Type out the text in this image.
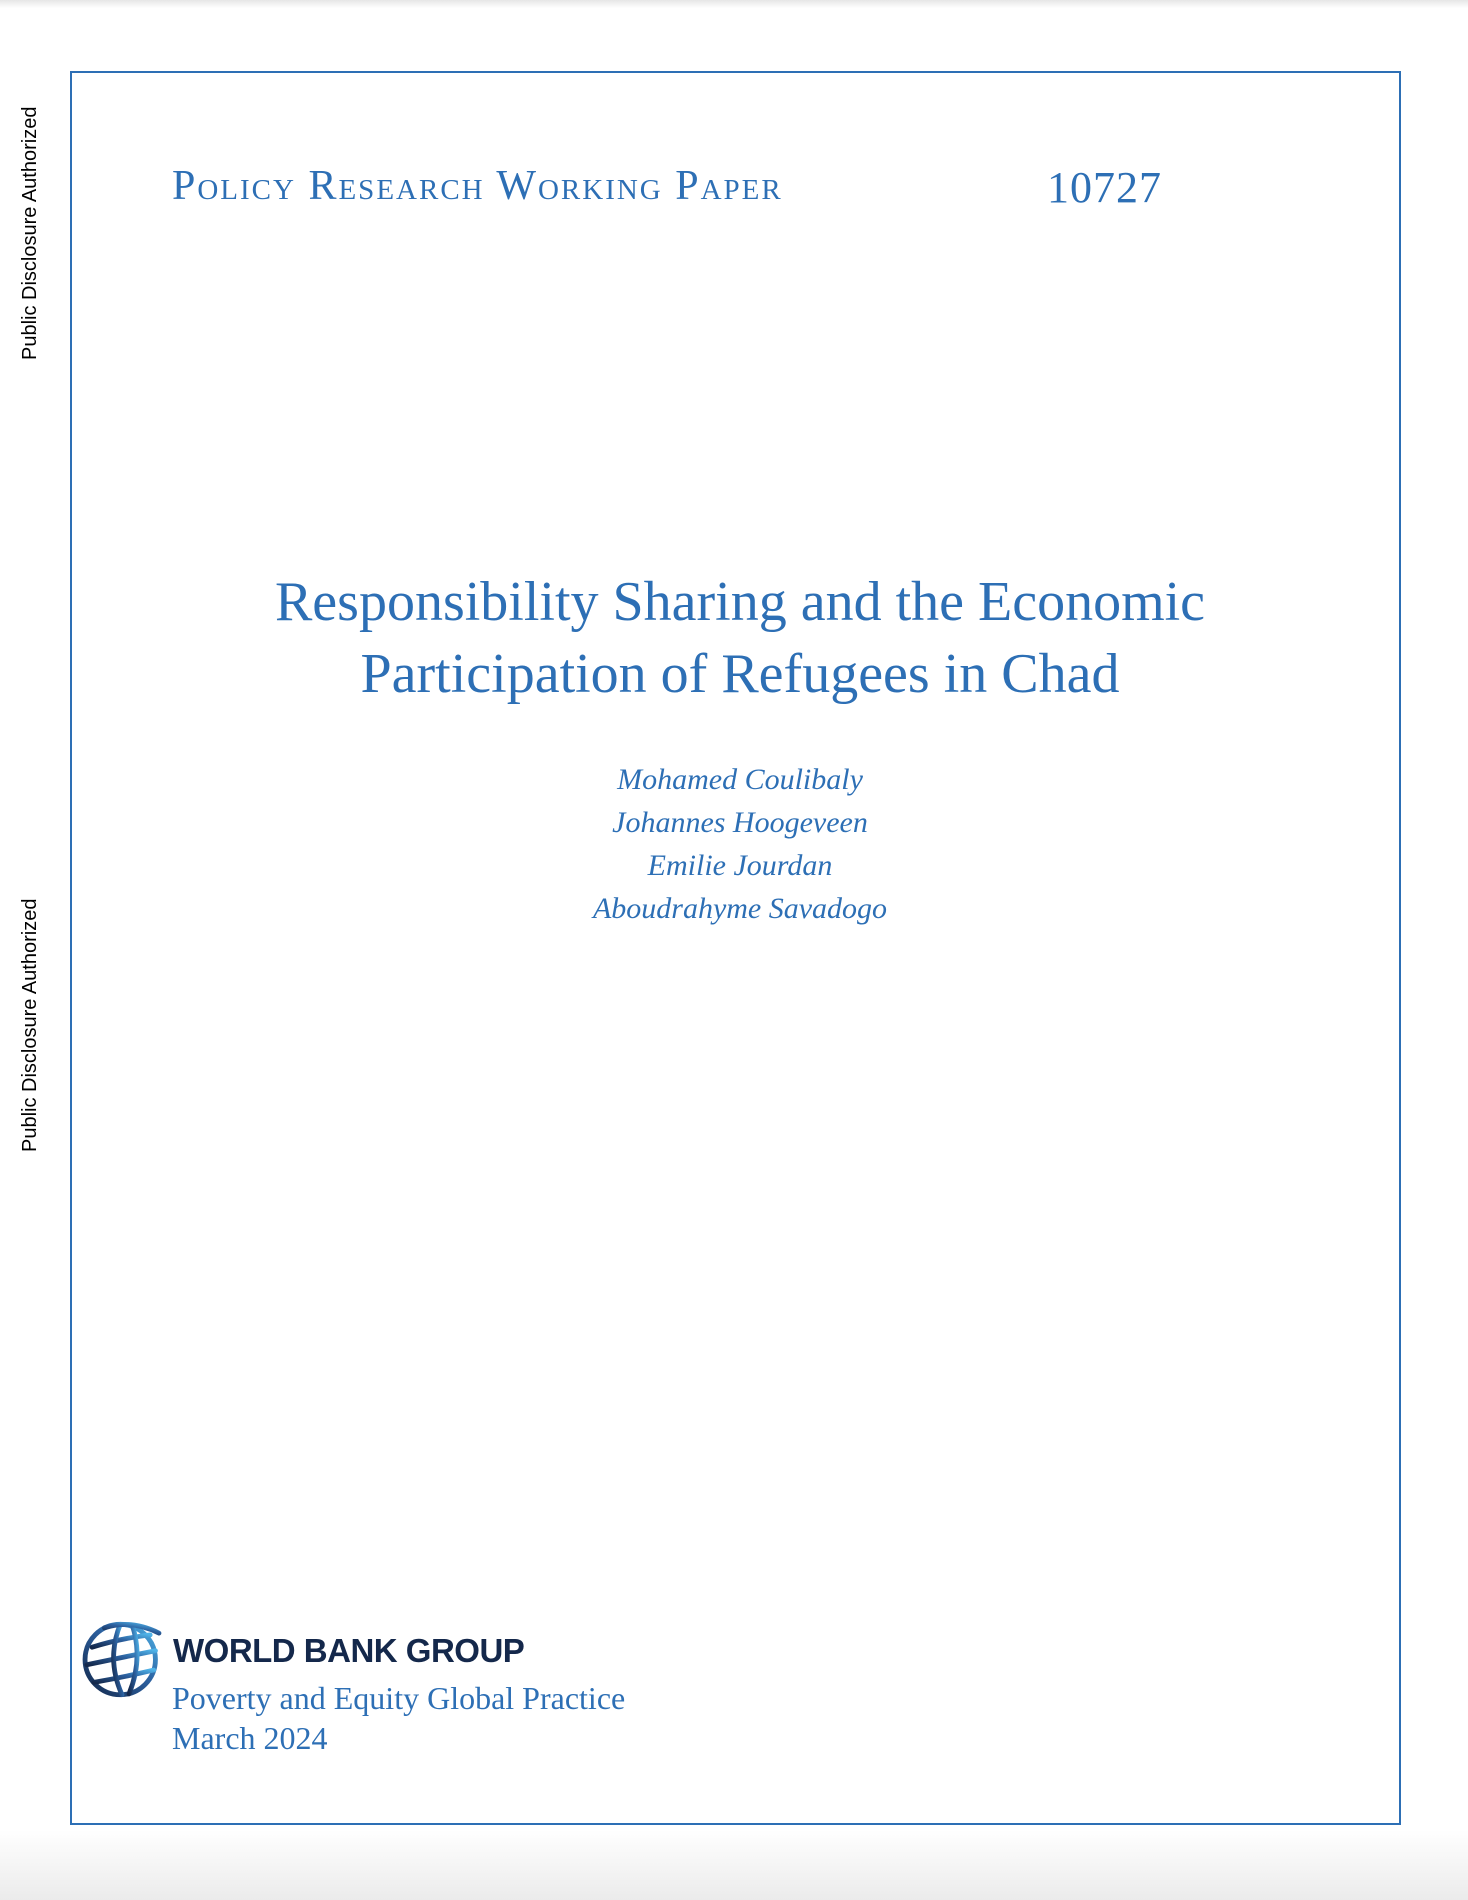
Public Disclosure Authorized
Public Disclosure Authorized
Policy Research Working Paper	10727
Responsibility Sharing and the Economic
Participation of Refugees in Chad
Mohamed Coulibaly
Johannes Hoogeveen
Emilie Jourdan
Aboudrahyme Savadogo
WORLD BANK GROUP
Poverty and Equity Global Practice
March 2024
